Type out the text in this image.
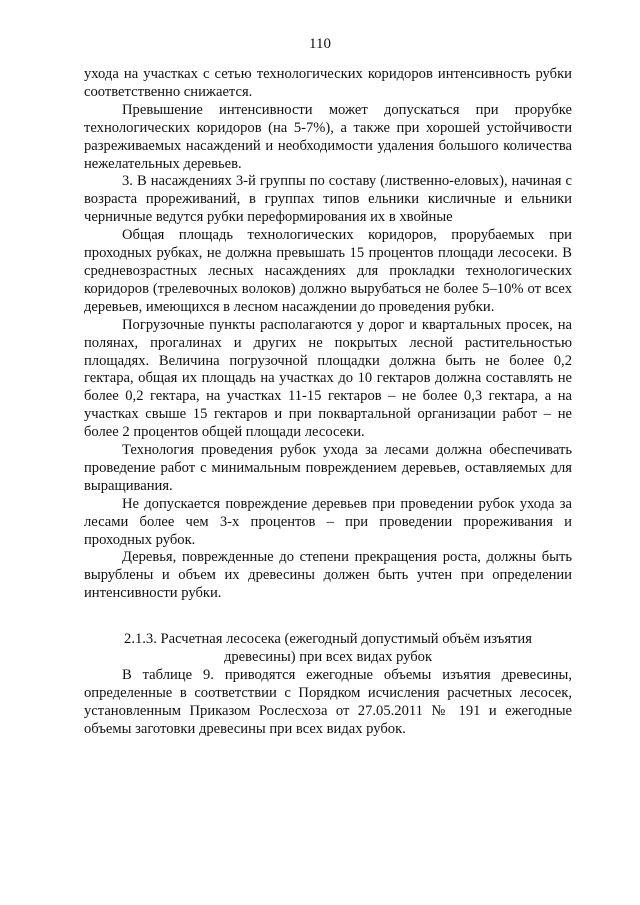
110

ухода на участках с сетью технологических коридоров интенсивность рубки соответственно снижается.

Превышение интенсивности может допускаться при прорубке технологических коридоров (на 5-7%), а также при хорошей устойчивости разреживаемых насаждений и необходимости удаления большого количества нежелательных деревьев.

3. В насаждениях 3-й группы по составу (лиственно-еловых), начиная с возраста прореживаний, в группах типов ельники кисличные и ельники черничные ведутся рубки переформирования их в хвойные

Общая площадь технологических коридоров, прорубаемых при проходных рубках, не должна превышать 15 процентов площади лесосеки. В средневозрастных лесных насаждениях для прокладки технологических коридоров (трелевочных волоков) должно вырубаться не более 5–10% от всех деревьев, имеющихся в лесном насаждении до проведения рубки.

Погрузочные пункты располагаются у дорог и квартальных просек, на полянах, прогалинах и других не покрытых лесной растительностью площадях. Величина погрузочной площадки должна быть не более 0,2 гектара, общая их площадь на участках до 10 гектаров должна составлять не более 0,2 гектара, на участках 11-15 гектаров – не более 0,3 гектара, а на участках свыше 15 гектаров и при поквартальной организации работ – не более 2 процентов общей площади лесосеки.

Технология проведения рубок ухода за лесами должна обеспечивать проведение работ с минимальным повреждением деревьев, оставляемых для выращивания.

Не допускается повреждение деревьев при проведении рубок ухода за лесами более чем 3-х процентов – при проведении прореживания и проходных рубок.

Деревья, поврежденные до степени прекращения роста, должны быть вырублены и объем их древесины должен быть учтен при определении интенсивности рубки.

2.1.3. Расчетная лесосека (ежегодный допустимый объём изъятия
древесины) при всех видах рубок

В таблице 9. приводятся ежегодные объемы изъятия древесины, определенные в соответствии с Порядком исчисления расчетных лесосек, установленным Приказом Рослесхоза от 27.05.2011 № 191 и ежегодные объемы заготовки древесины при всех видах рубок.
